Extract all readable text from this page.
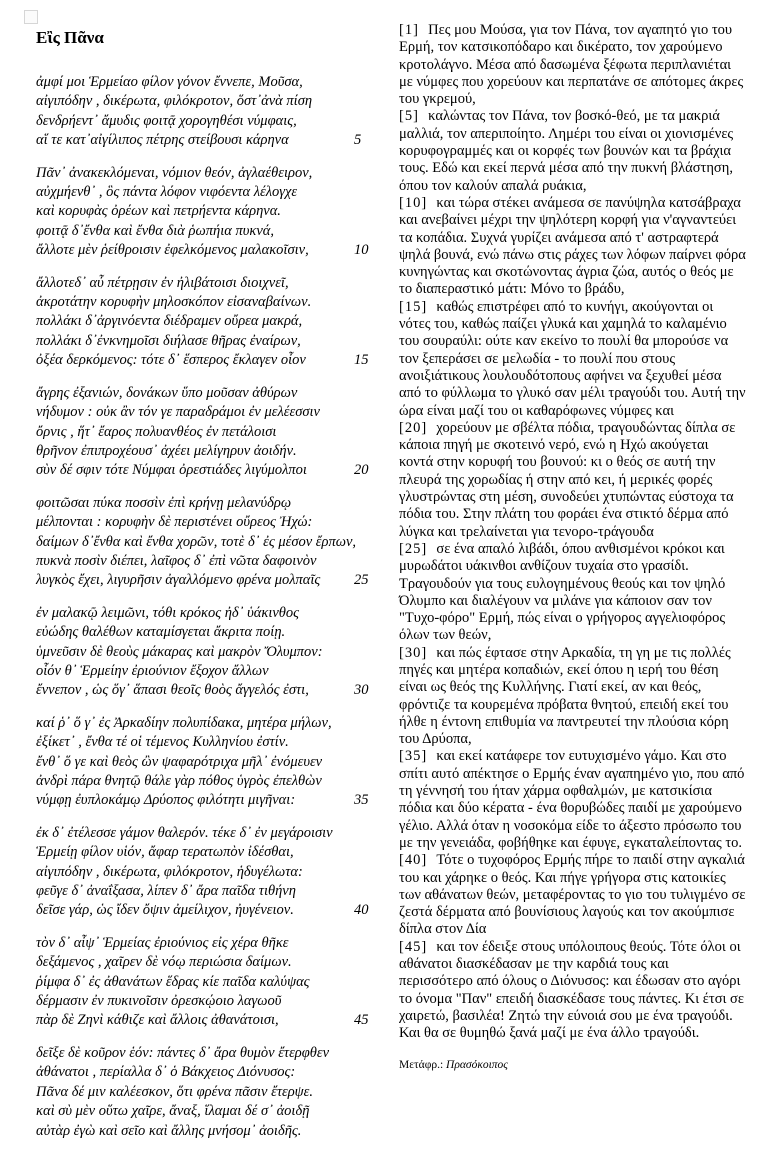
Εἲς Πᾶνα
ἀμφί μοι Ἑρμείαο φίλον γόνον ἔννεπε, Μοῦσα,
αἰγιπόδην , δικέρωτα, φιλόκροτον, ὅστ᾽ἀνὰ πίση
δενδρήεντ᾽ ἄμυδις φοιτᾷ χορογηθέσι νύμφαις,
αἵ τε κατ᾽αἰγίλιπος πέτρης στείβουσι κάρηνα	5
Πᾶν᾽ ἀνακεκλόμεναι, νόμιον θεόν, ἀγλαέθειρον,
αὐχμήενθ᾽ , ὃς πάντα λόφον νιφόεντα λέλογχε
καὶ κορυφὰς ὀρέων καὶ πετρήεντα κάρηνα.
φοιτᾷ δ᾽ἔνθα καὶ ἔνθα διὰ ῥωπήια πυκνά,
ἄλλοτε μὲν ῥείθροισιν ἐφελκόμενος μαλακοῖσιν,	10
ἄλλοτεδ᾽ αὖ πέτρῃσιν ἐν ἠλιβάτοισι διοιχνεῖ,
ἀκροτάτην κορυφὴν μηλοσκόπον εἰσαναβαίνων.
πολλάκι δ᾽ἀργινόεντα διέδραμεν οὔρεα μακρά,
πολλάκι δ᾽ἐνκνημοῖσι διήλασε θῆρας ἐναίρων,
ὀξέα δερκόμενος: τότε δ᾽ ἕσπερος ἔκλαγεν οἶον	15
ἄγρης ἐξανιών, δονάκων ὕπο μοῦσαν ἀθύρων
νήδυμον : οὐκ ἂν τόν γε παραδράμοι ἐν μελέεσσιν
ὄρνις , ἥτ᾽ ἔαρος πολυανθέος ἐν πετάλοισι
θρῆνον ἐπιπροχέουσ᾽ ἀχέει μελίγηρυν ἀοιδήν.
σὺν δέ σφιν τότε Νύμφαι ὀρεστιάδες λιγύμολποι	20
φοιτῶσαι πύκα ποσσὶν ἐπὶ κρήνῃ μελανύδρῳ
μέλπονται : κορυφὴν δὲ περιστένει οὔρεος Ἠχώ:
δαίμων δ᾽ἔνθα καὶ ἔνθα χορῶν, τοτὲ δ᾽ ἐς μέσον ἔρπων,
πυκνὰ ποσὶν διέπει, λαῖφος δ᾽ ἐπὶ νῶτα δαφοινὸν
λυγκὸς ἔχει, λιγυρῆσιν ἀγαλλόμενο φρένα μολπαῖς 25
ἐν μαλακῷ λειμῶνι, τόθι κρόκος ἠδ᾽ ὑάκινθος
εὐώδης θαλέθων καταμίσγεται ἄκριτα ποίῃ.
ὑμνεῦσιν δὲ θεοὺς μάκαρας καὶ μακρὸν Ὄλυμπον:
οἷόν θ᾽ Ἑρμείην ἐριούνιον ἔξοχον ἄλλων
ἔννεπον , ὡς ὅγ᾽ ἅπασι θεοῖς θοὸς ἄγγελός ἐστι,	30
καί ῥ᾽ ὅ γ᾽ ἐς Ἀρκαδίην πολυπίδακα, μητέρα μήλων,
ἐξίκετ᾽ , ἔνθα τέ οἱ τέμενος Κυλληνίου ἐστίν.
ἔνθ᾽ ὅ γε καὶ θεὸς ὢν ψαφαρότριχα μῆλ᾽ ἐνόμευεν
ἀνδρὶ πάρα θνητῷ θάλε γὰρ πόθος ὑγρὸς ἐπελθὼν
νύμφῃ ἐυπλοκάμῳ Δρύοπος φιλότητι μιγῆναι:	35
ἐκ δ᾽ ἐτέλεσσε γάμον θαλερόν. τέκε δ᾽ ἐν μεγάροισιν
Ἑρμείῃ φίλον υἱόν, ἄφαρ τερατωπὸν ἰδέσθαι,
αἰγιπόδην , δικέρωτα, φιλόκροτον, ἡδυγέλωτα:
φεῦγε δ᾽ ἀναΐξασα, λίπεν δ᾽ ἄρα παῖδα τιθήνη
δεῖσε γάρ, ὡς ἴδεν ὄψιν ἀμείλιχον, ἠυγένειον.	40
τὸν δ᾽ αἶψ᾽ Ἑρμείας ἐριούνιος εἰς χέρα θῆκε
δεξάμενος , χαῖρεν δὲ νόῳ περιώσια δαίμων.
ῥίμφα δ᾽ ἐς ἀθανάτων ἕδρας κίε παῖδα καλύψας
δέρμασιν ἐν πυκινοῖσιν ὀρεσκῴοιο λαγωοῦ
πὰρ δὲ Ζηνὶ κάθιζε καὶ ἄλλοις ἀθανάτοισι,	45
δεῖξε δὲ κοῦρον ἑόν: πάντες δ᾽ ἄρα θυμὸν ἔτερφθεν
ἀθάνατοι , περίαλλα δ᾽ ὁ Βάκχειος Διόνυσος:
Πᾶνα δέ μιν καλέεσκον, ὅτι φρένα πᾶσιν ἔτερψε.
καὶ σὺ μὲν οὕτω χαῖρε, ἄναξ, ἵλαμαι δέ σ᾽ ἀοιδῇ
αὐτὰρ ἐγὼ καὶ σεῖο καὶ ἄλλης μνήσομ᾽ ἀοιδῆς.

[1] Πες μου Μούσα, για τον Πάνα, τον αγαπητό γιο του Ερμή, τον κατσικοπόδαρο και δικέρατο, τον χαρούμενο κροτολάγνο. Μέσα από δασωμένα ξέφωτα περιπλανιέται με νύμφες που χορεύουν και περπατάνε σε απότομες άκρες του γκρεμού,

[5] καλώντας τον Πάνα, τον βοσκό-θεό, με τα μακριά μαλλιά, τον απεριποίητο. Λημέρι του είναι οι χιονισμένες κορυφογραμμές και οι κορφές των βουνών και τα βράχια τους. Εδώ και εκεί περνά μέσα από την πυκνή βλάστηση, όπου τον καλούν απαλά ρυάκια,

[10] και τώρα στέκει ανάμεσα σε πανύψηλα κατσάβραχα και ανεβαίνει μέχρι την ψηλότερη κορφή για ν'αγναντεύει τα κοπάδια. Συχνά γυρίζει ανάμεσα από τ' αστραφτερά ψηλά βουνά, ενώ πάνω στις ράχες των λόφων παίρνει φόρα κυνηγώντας και σκοτώνοντας άγρια ζώα, αυτός ο θεός με το διαπεραστικό μάτι: Μόνο το βράδυ,

[15] καθώς επιστρέφει από το κυνήγι, ακούγονται οι νότες του, καθώς παίζει γλυκά και χαμηλά το καλαμένιο του σουραύλι: ούτε καν εκείνο το πουλί θα μπορούσε να τον ξεπεράσει σε μελωδία - το πουλί που στους ανοιξιάτικους λουλουδότοπους αφήνει να ξεχυθεί μέσα από το φύλλωμα το γλυκό σαν μέλι τραγούδι του. Αυτή την ώρα είναι μαζί του οι καθαρόφωνες νύμφες και

[20] χορεύουν με σβέλτα πόδια, τραγουδώντας δίπλα σε κάποια πηγή με σκοτεινό νερό, ενώ η Ηχώ ακούγεται κοντά στην κορυφή του βουνού: κι ο θεός σε αυτή την πλευρά της χορωδίας ή στην από κει, ή μερικές φορές γλυστρώντας στη μέση, συνοδεύει χτυπώντας εύστοχα τα πόδια του. Στην πλάτη του φοράει ένα στικτό δέρμα από λύγκα και τρελαίνεται για τενορο-τράγουδα

[25] σε ένα απαλό λιβάδι, όπου ανθισμένοι κρόκοι και μυρωδάτοι υάκινθοι ανθίζουν τυχαία στο γρασίδι. Τραγουδούν για τους ευλογημένους θεούς και τον ψηλό Όλυμπο και διαλέγουν να μιλάνε για κάποιον σαν τον "Τυχο-φόρο" Ερμή, πώς είναι ο γρήγορος αγγελιοφόρος όλων των θεών,

[30] και πώς έφτασε στην Αρκαδία, τη γη με τις πολλές πηγές και μητέρα κοπαδιών, εκεί όπου η ιερή του θέση είναι ως θεός της Κυλλήνης. Γιατί εκεί, αν και θεός, φρόντιζε τα κουρεμένα πρόβατα θνητού, επειδή εκεί του ήλθε η έντονη επιθυμία να παντρευτεί την πλούσια κόρη του Δρύοπα,

[35] και εκεί κατάφερε τον ευτυχισμένο γάμο. Και στο σπίτι αυτό απέκτησε ο Ερμής έναν αγαπημένο γιο, που από τη γέννησή του ήταν χάρμα οφθαλμών, με κατσικίσια πόδια και δύο κέρατα - ένα θορυβώδες παιδί με χαρούμενο γέλιο. Αλλά όταν η νοσοκόμα είδε το άξεστο πρόσωπο του με την γενειάδα, φοβήθηκε και έφυγε, εγκαταλείποντας το.

[40] Τότε ο τυχοφόρος Ερμής πήρε το παιδί στην αγκαλιά του και χάρηκε ο θεός. Και πήγε γρήγορα στις κατοικίες των αθάνατων θεών, μεταφέροντας το γιο του τυλιγμένο σε ζεστά δέρματα από βουνίσιους λαγούς και τον ακούμπισε δίπλα στον Δία

[45] και τον έδειξε στους υπόλοιπους θεούς. Τότε όλοι οι αθάνατοι διασκέδασαν με την καρδιά τους και περισσότερο από όλους ο Διόνυσος: και έδωσαν στο αγόρι το όνομα "Παν" επειδή διασκέδασε τους πάντες. Κι έτσι σε χαιρετώ, βασιλέα! Ζητώ την εύνοιά σου με ένα τραγούδι. Και θα σε θυμηθώ ξανά μαζί με ένα άλλο τραγούδι.

Μετάφρ.: Πρασόκοιπος
